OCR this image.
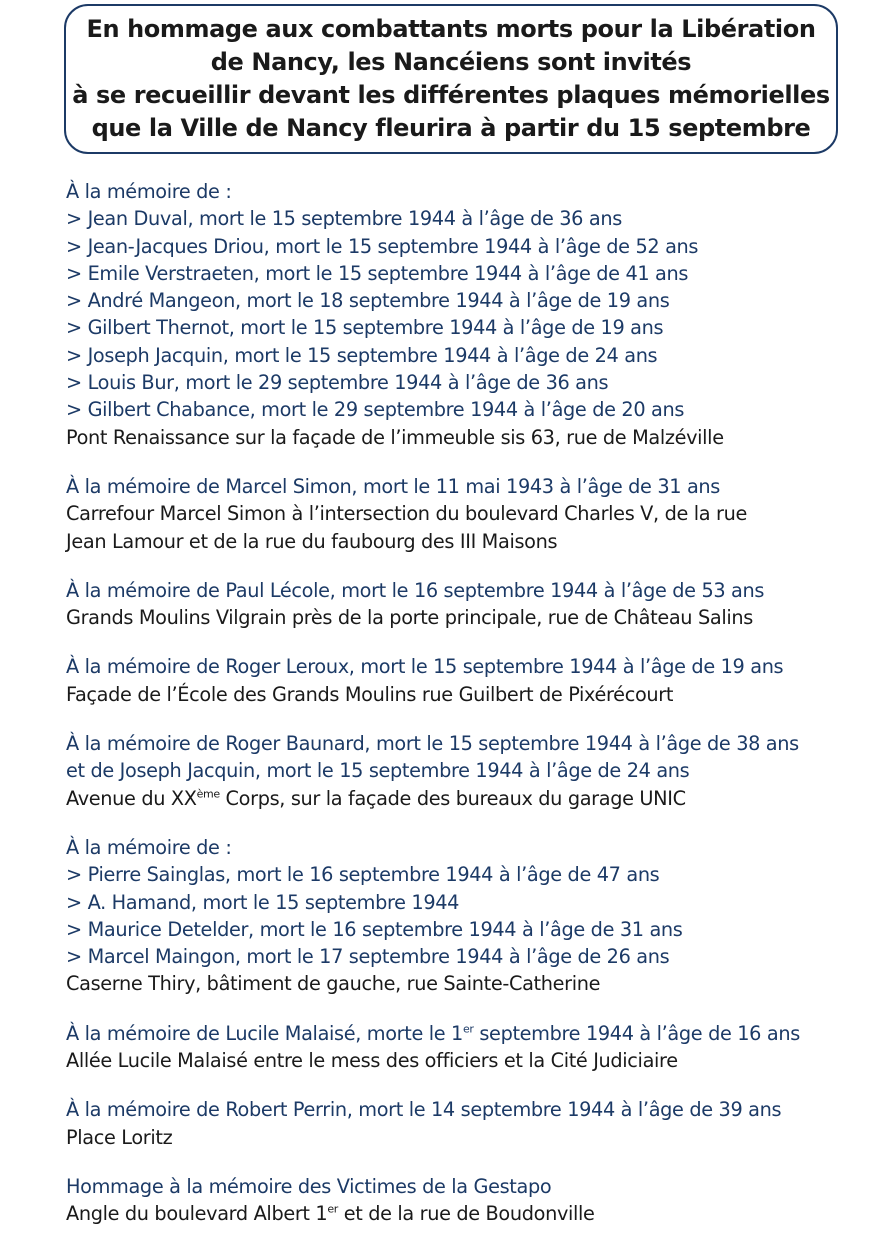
En hommage aux combattants morts pour la Libération
de Nancy, les Nancéiens sont invités
à se recueillir devant les différentes plaques mémorielles
que la Ville de Nancy fleurira à partir du 15 septembre
À la mémoire de :
> Jean Duval, mort le 15 septembre 1944 à l’âge de 36 ans
> Jean-Jacques Driou, mort le 15 septembre 1944 à l’âge de 52 ans
> Emile Verstraeten, mort le 15 septembre 1944 à l’âge de 41 ans
> André Mangeon, mort le 18 septembre 1944 à l’âge de 19 ans
> Gilbert Thernot, mort le 15 septembre 1944 à l’âge de 19 ans
> Joseph Jacquin, mort le 15 septembre 1944 à l’âge de 24 ans
> Louis Bur, mort le 29 septembre 1944 à l’âge de 36 ans
> Gilbert Chabance, mort le 29 septembre 1944 à l’âge de 20 ans
Pont Renaissance sur la façade de l’immeuble sis 63, rue de Malzéville
À la mémoire de Marcel Simon, mort le 11 mai 1943 à l’âge de 31 ans
Carrefour Marcel Simon à l’intersection du boulevard Charles V, de la rue
Jean Lamour et de la rue du faubourg des III Maisons
À la mémoire de Paul Lécole, mort le 16 septembre 1944 à l’âge de 53 ans
Grands Moulins Vilgrain près de la porte principale, rue de Château Salins
À la mémoire de Roger Leroux, mort le 15 septembre 1944 à l’âge de 19 ans
Façade de l’École des Grands Moulins rue Guilbert de Pixérécourt
À la mémoire de Roger Baunard, mort le 15 septembre 1944 à l’âge de 38 ans
et de Joseph Jacquin, mort le 15 septembre 1944 à l’âge de 24 ans
Avenue du XXème Corps, sur la façade des bureaux du garage UNIC
À la mémoire de :
> Pierre Sainglas, mort le 16 septembre 1944 à l’âge de 47 ans
> A. Hamand, mort le 15 septembre 1944
> Maurice Detelder, mort le 16 septembre 1944 à l’âge de 31 ans
> Marcel Maingon, mort le 17 septembre 1944 à l’âge de 26 ans
Caserne Thiry, bâtiment de gauche, rue Sainte-Catherine
À la mémoire de Lucile Malaisé, morte le 1er septembre 1944 à l’âge de 16 ans
Allée Lucile Malaisé entre le mess des officiers et la Cité Judiciaire
À la mémoire de Robert Perrin, mort le 14 septembre 1944 à l’âge de 39 ans
Place Loritz
Hommage à la mémoire des Victimes de la Gestapo
Angle du boulevard Albert 1er et de la rue de Boudonville
